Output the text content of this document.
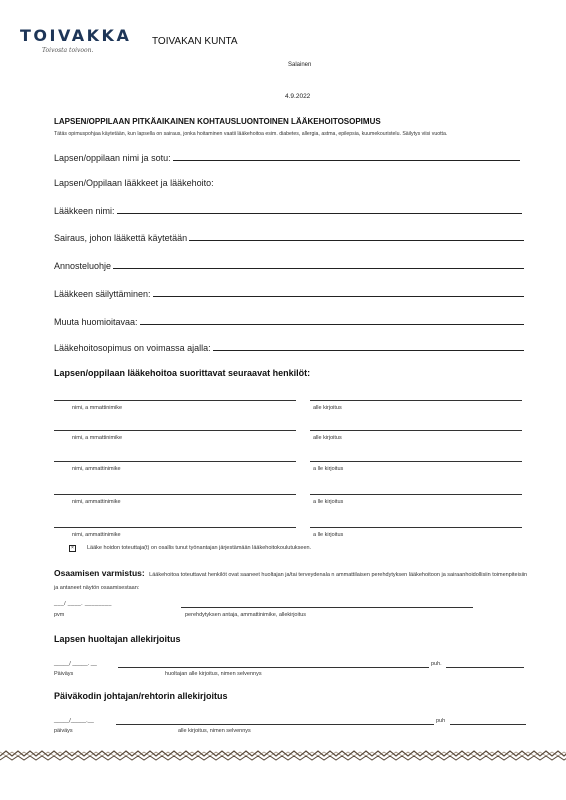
TOIVAKKA
Toivosta toivoon.
TOIVAKAN KUNTA
Salainen
4.9.2022
LAPSEN/OPPILAAN PITKÄAIKAINEN KOHTAUSLUONTOINEN LÄÄKEHOITOSOPIMUS
Tätäs opimuspohjaa käytetään, kun lapsella on sairaus, jonka hoitaminen vaatii lääkehoitoa esim. diabetes, allergia, astma, epilepsia, kuumekouristelu. Säilytys viisi vuotta.
Lapsen/oppilaan nimi ja sotu:
Lapsen/Oppilaan lääkkeet ja lääkehoito:
Lääkkeen nimi:
Sairaus, johon lääkettä käytetään
Annosteluohje
Lääkkeen säilyttäminen:
Muuta huomioitavaa:
Lääkehoitosopimus on voimassa ajalla:
Lapsen/oppilaan lääkehoitoa suorittavat seuraavat henkilöt:
nimi, a mmattinimike	alle kirjoitus
nimi, a mmattinimike	alle kirjoitus
nimi, ammattinimike	a lle kirjoitus
nimi, ammattinimike	a lle kirjoitus
nimi, ammattinimike	a lle kirjoitus
×	Lääke hoidon toteuttaja(t) on osallis tunut työnantajan järjestämään lääkehoitokoulutukseen.
Osaamisen varmistus: Lääkehoitoa toteuttavat henkilöt ovat saaneet huoltajan ja/tai terveydenala n ammattilaisen perehdytyksen lääkehoitoon ja sairaanhoidollisiin toimenpiteisiin ja antaneet näytön osaamisestaan:
___/ ____. ________
pvm	perehdytyksen antaja, ammattinimike, allekirjoitus
Lapsen huoltajan allekirjoitus
_____/ _____. __	puh.
Päiväys	huoltajan alle kirjoitus, nimen selvennys
Päiväkodin johtajan/rehtorin allekirjoitus
_____/_____.__	puh
päiväys	alle kirjoitus, nimen selvennys
